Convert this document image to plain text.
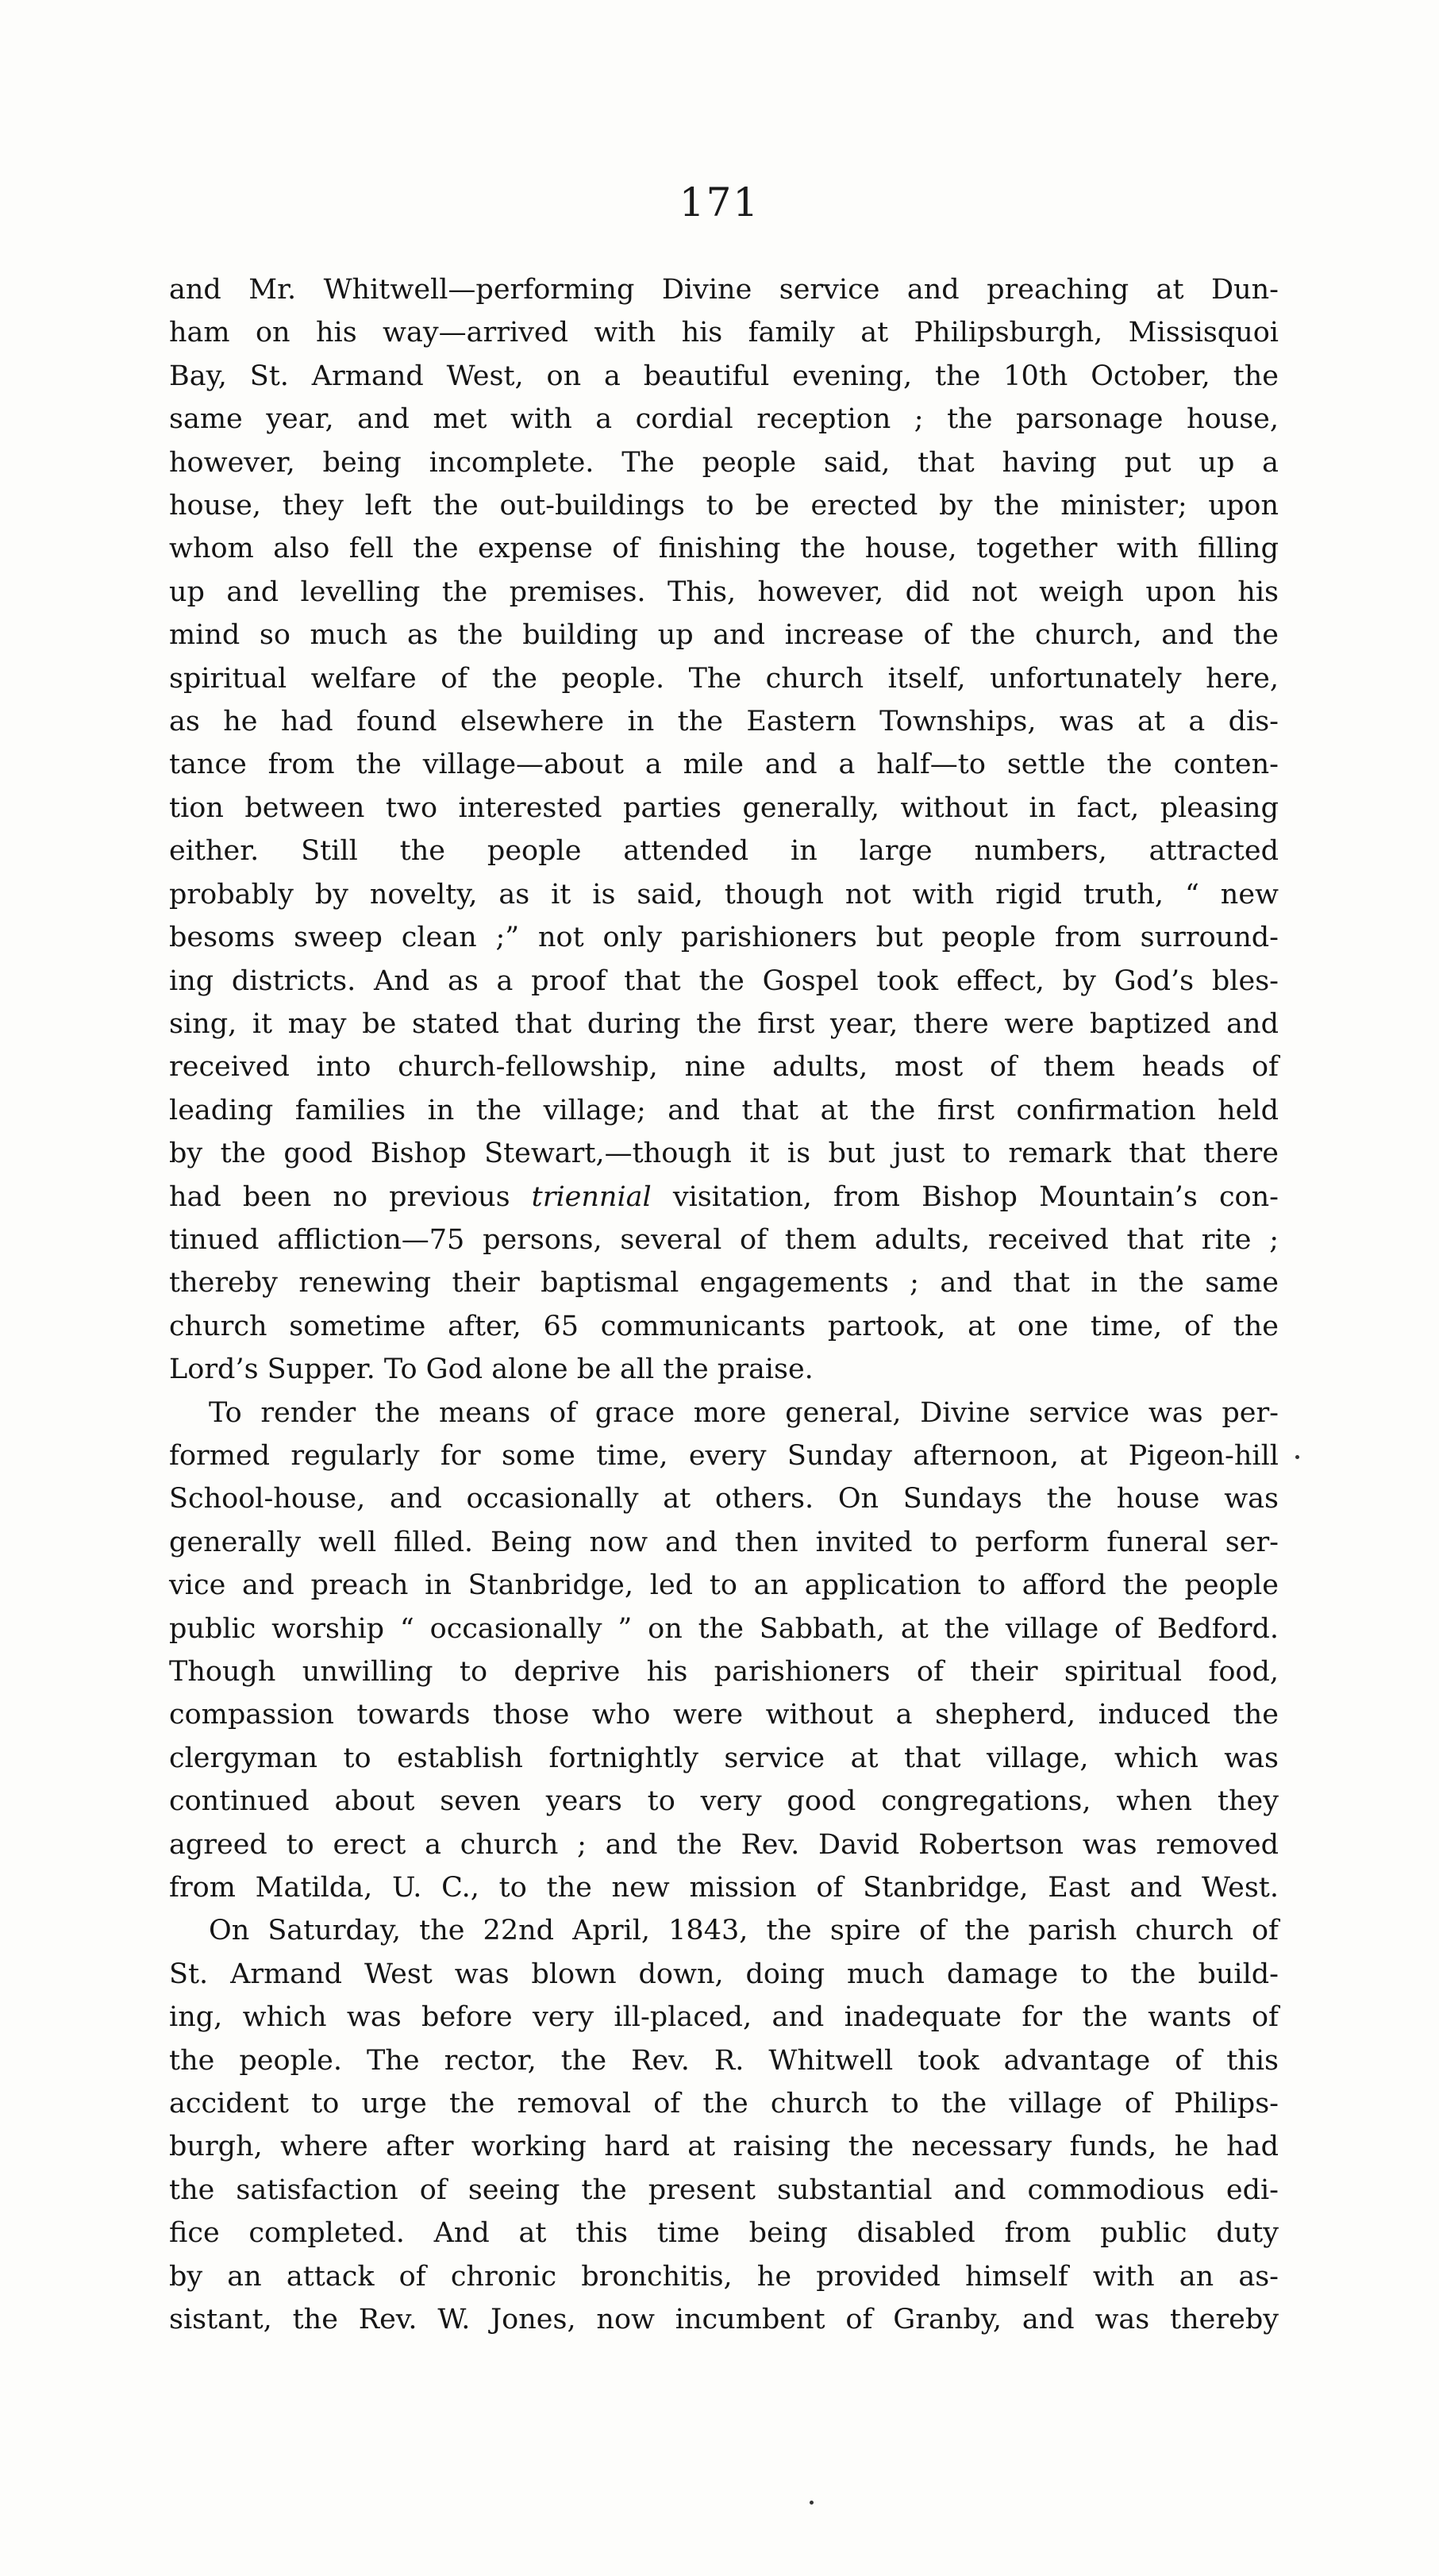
171
and Mr. Whitwell—performing Divine service and preaching at Dun-
ham on his way—arrived with his family at Philipsburgh, Missisquoi
Bay, St. Armand West, on a beautiful evening, the 10th October, the
same year, and met with a cordial reception ; the parsonage house,
however, being incomplete. The people said, that having put up a
house, they left the out-buildings to be erected by the minister; upon
whom also fell the expense of finishing the house, together with filling
up and levelling the premises. This, however, did not weigh upon his
mind so much as the building up and increase of the church, and the
spiritual welfare of the people. The church itself, unfortunately here,
as he had found elsewhere in the Eastern Townships, was at a dis-
tance from the village—about a mile and a half—to settle the conten-
tion between two interested parties generally, without in fact, pleasing
either. Still the people attended in large numbers, attracted
probably by novelty, as it is said, though not with rigid truth, “ new
besoms sweep clean ;” not only parishioners but people from surround-
ing districts. And as a proof that the Gospel took effect, by God’s bles-
sing, it may be stated that during the first year, there were baptized and
received into church-fellowship, nine adults, most of them heads of
leading families in the village; and that at the first confirmation held
by the good Bishop Stewart,—though it is but just to remark that there
had been no previous triennial visitation, from Bishop Mountain’s con-
tinued affliction—75 persons, several of them adults, received that rite ;
thereby renewing their baptismal engagements ; and that in the same
church sometime after, 65 communicants partook, at one time, of the
Lord’s Supper. To God alone be all the praise.
To render the means of grace more general, Divine service was per-
formed regularly for some time, every Sunday afternoon, at Pigeon-hill
School-house, and occasionally at others. On Sundays the house was
generally well filled. Being now and then invited to perform funeral ser-
vice and preach in Stanbridge, led to an application to afford the people
public worship “ occasionally ” on the Sabbath, at the village of Bedford.
Though unwilling to deprive his parishioners of their spiritual food,
compassion towards those who were without a shepherd, induced the
clergyman to establish fortnightly service at that village, which was
continued about seven years to very good congregations, when they
agreed to erect a church ; and the Rev. David Robertson was removed
from Matilda, U. C., to the new mission of Stanbridge, East and West.
On Saturday, the 22nd April, 1843, the spire of the parish church of
St. Armand West was blown down, doing much damage to the build-
ing, which was before very ill-placed, and inadequate for the wants of
the people. The rector, the Rev. R. Whitwell took advantage of this
accident to urge the removal of the church to the village of Philips-
burgh, where after working hard at raising the necessary funds, he had
the satisfaction of seeing the present substantial and commodious edi-
fice completed. And at this time being disabled from public duty
by an attack of chronic bronchitis, he provided himself with an as-
sistant, the Rev. W. Jones, now incumbent of Granby, and was thereby
